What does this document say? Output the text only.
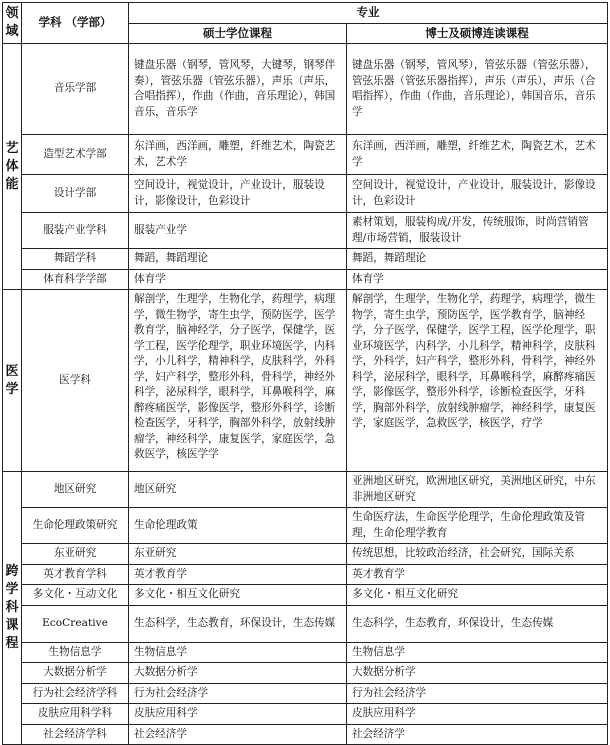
领
域	学科 （学部）	专业	
		硕士学位课程	博士及硕博连读课程

艺
体
能	音乐学部	键盘乐器（钢琴，管风琴，大键琴，钢琴伴奏），管弦乐器（管弦乐器），声乐（声乐，合唱指挥），作曲（作曲，音乐理论），韩国音乐，音乐学	键盘乐器（钢琴，管风琴），管弦乐器（管弦乐器），管弦乐器（管弦乐器指挥），声乐（声乐），声乐（合唱指挥），作曲（作曲，音乐理论），韩国音乐，音乐学
	造型艺术学部	东洋画，西洋画，雕塑，纤维艺术，陶瓷艺术，艺术学	东洋画，西洋画，雕塑，纤维艺术，陶瓷艺术，艺术学
	设计学部	空间设计，视觉设计，产业设计，服装设计，影像设计，色彩设计	空间设计，视觉设计，产业设计，服装设计，影像设计，色彩设计
	服装产业学科	服装产业学	素材策划，服装构成/开发，传统服饰，时尚营销管理/市场营销，服装设计
	舞蹈学科	舞蹈，舞蹈理论	舞蹈，舞蹈理论
	体育科学学部	体育学	体育学

医
学	医学科	解剖学，生理学，生物化学，药理学，病理学，微生物学，寄生虫学，预防医学，医学教育学，脑神经学，分子医学，保健学，医学工程，医学伦理学，职业环境医学，内科学，小儿科学，精神科学，皮肤科学，外科学，妇产科学，整形外科，骨科学，神经外科学，泌尿科学，眼科学，耳鼻喉科学，麻醉疼痛医学，影像医学，整形外科学，诊断检查医学，牙科学，胸部外科学，放射线肿瘤学，神经科学，康复医学，家庭医学，急救医学，核医学学	解剖学，生理学，生物化学，药理学，病理学，微生物学，寄生虫学，预防医学，医学教育学，脑神经学，分子医学，保健学，医学工程，医学伦理学，职业环境医学，内科学，小儿科学，精神科学，皮肤科学，外科学，妇产科学，整形外科，骨科学，神经外科学，泌尿科学，眼科学，耳鼻喉科学，麻醉疼痛医学，影像医学，整形外科学，诊断检查医学，牙科学，胸部外科学，放射线肿瘤学，神经科学，康复医学，家庭医学，急救医学，核医学，疗学

跨
学
科
课
程	地区研究	地区研究	亚洲地区研究，欧洲地区研究，美洲地区研究，中东非洲地区研究
	生命伦理政策研究	生命伦理政策	生命医疗法，生命医学伦理学，生命伦理政策及管理，生命伦理学教育
	东亚研究	东亚研究	传统思想，比较政治经济，社会研究，国际关系
	英才教育学科	英才教育学	英才教育学
	多文化・互动文化	多文化・相互文化研究	多文化・相互文化研究
	EcoCreative	生态科学，生态教育，环保设计，生态传媒	生态科学，生态教育，环保设计，生态传媒
	生物信息学	生物信息学	生物信息学
	大数据分析学	大数据分析学	大数据分析学
	行为社会经济学科	行为社会经济学	行为社会经济学
	皮肤应用科学科	皮肤应用科学	皮肤应用科学
	社会经济学科	社会经济学	社会经济学
